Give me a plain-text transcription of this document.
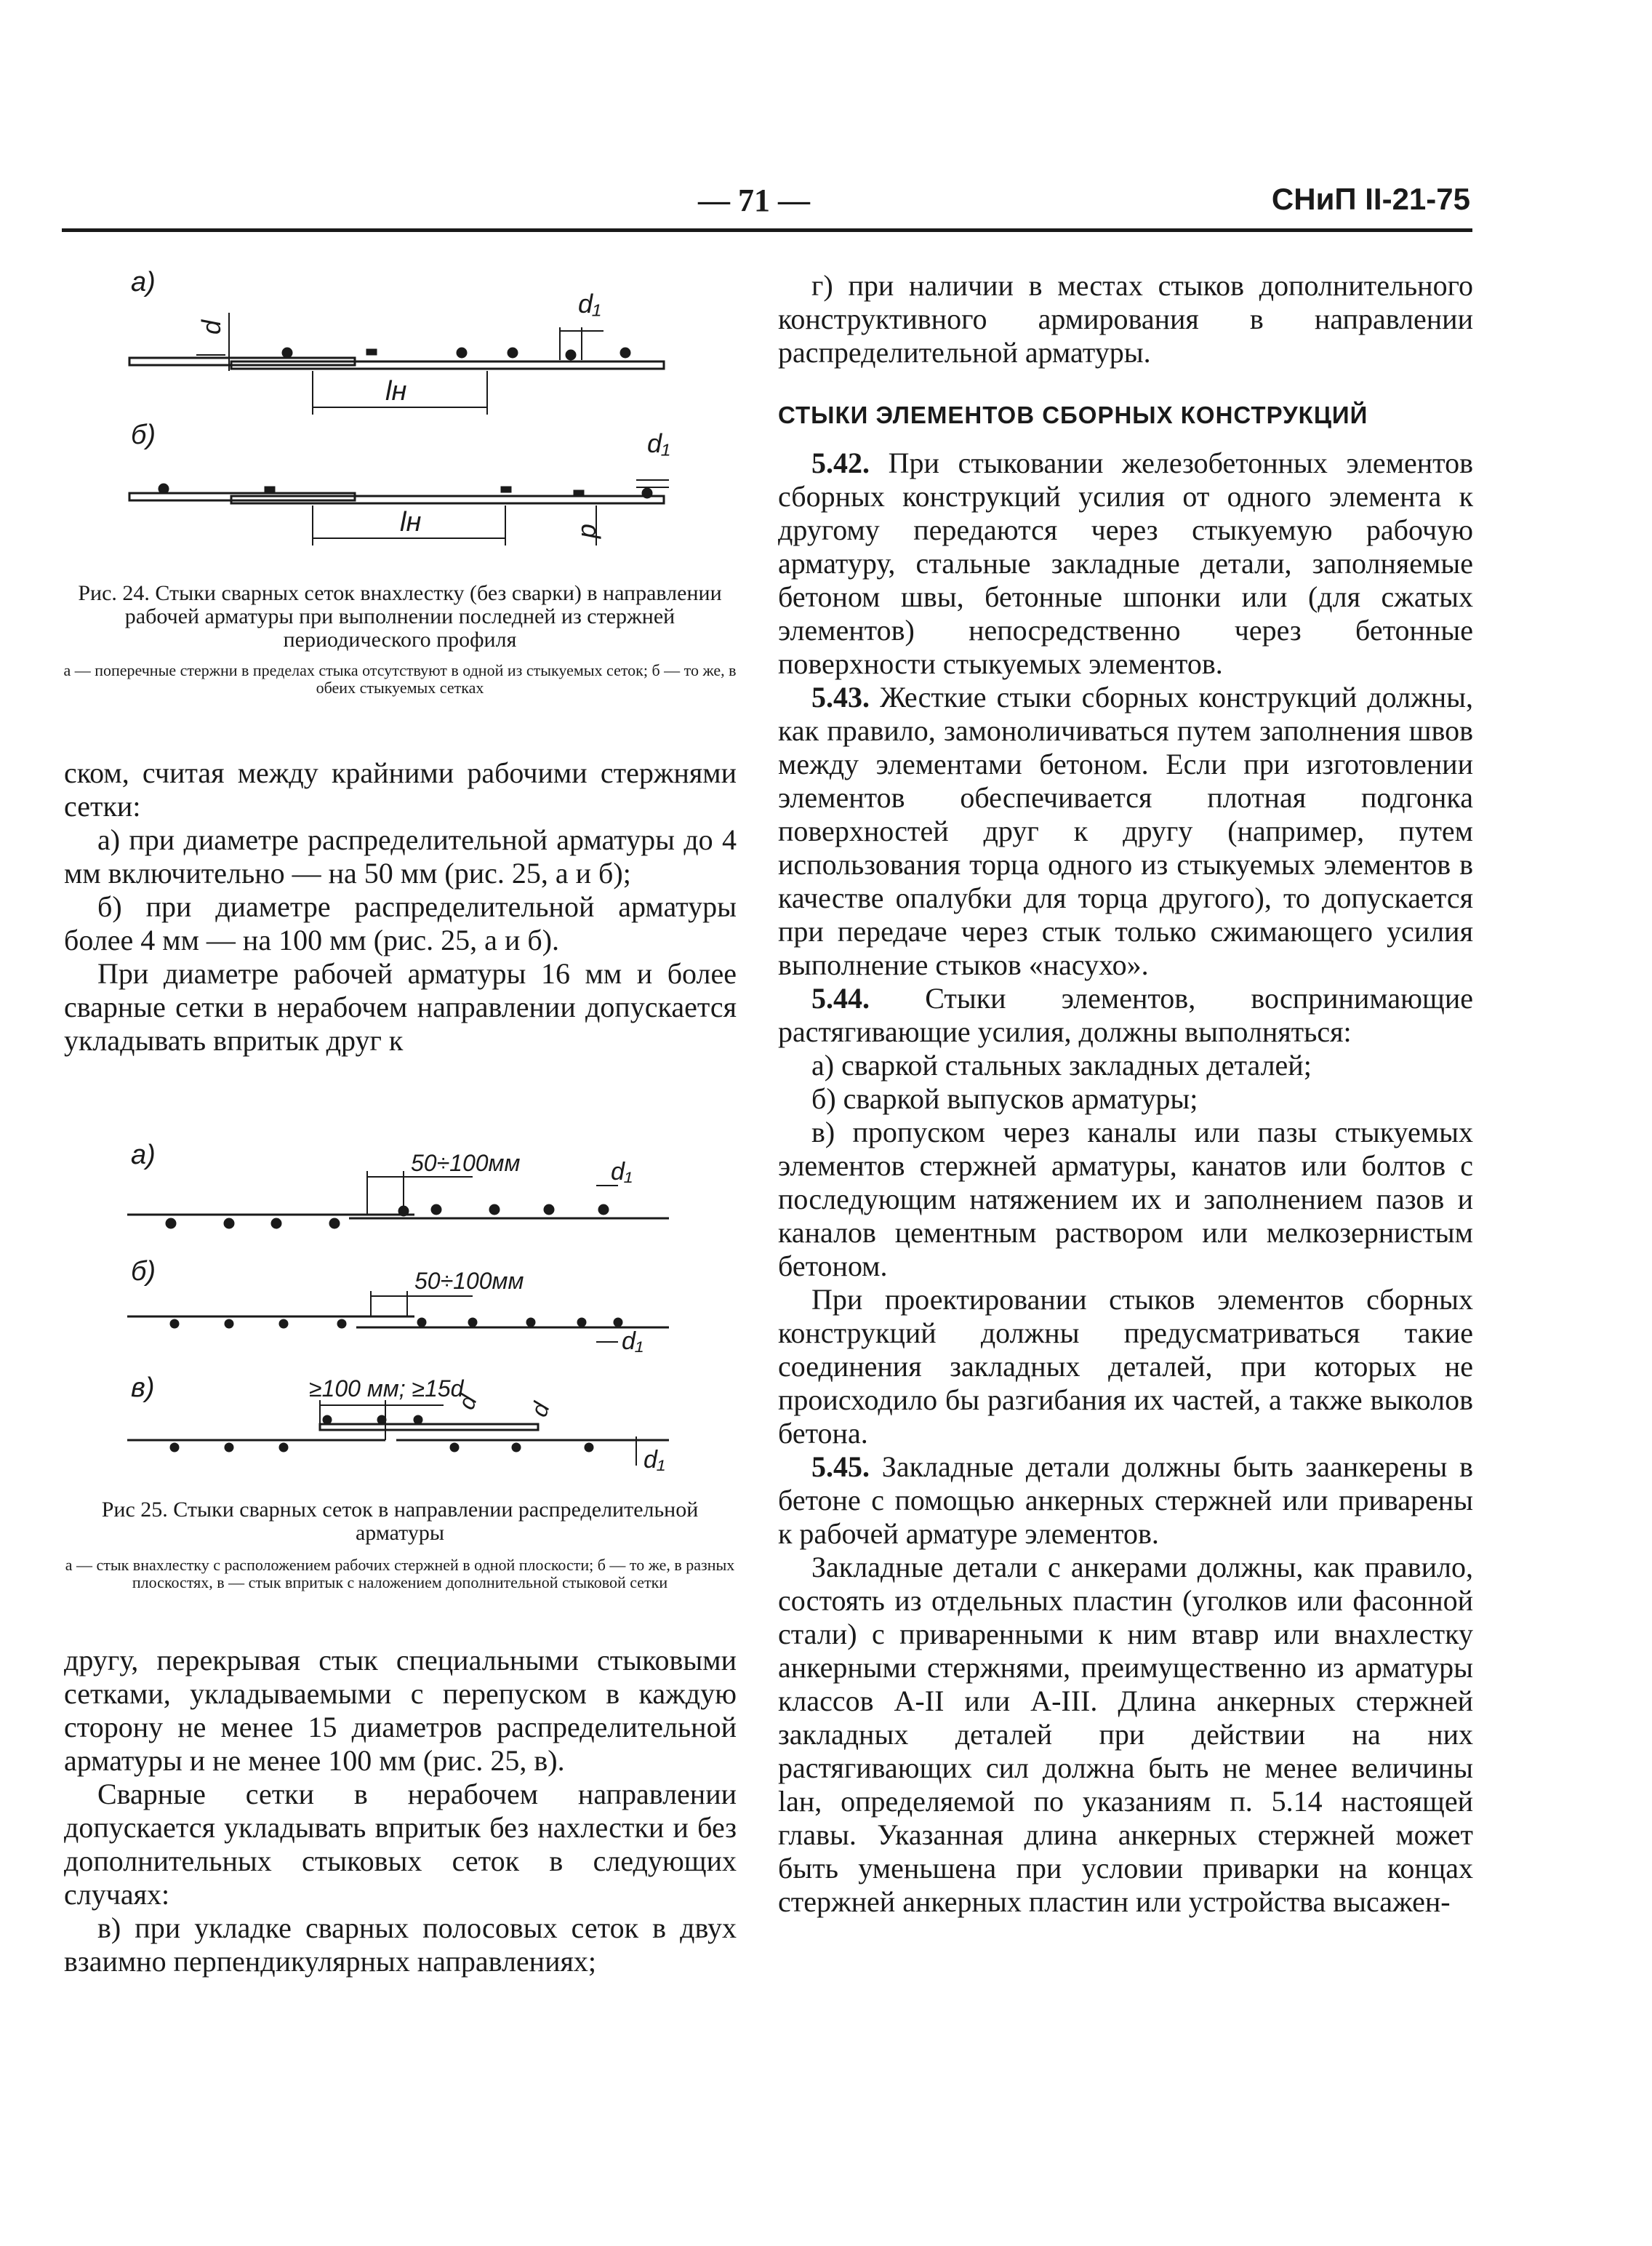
— 71 —	СНиП II-21-75
а)
d
d₁
lн
б)
lн
d₁
d
Рис. 24. Стыки сварных сеток внахлестку (без сварки) в направлении рабочей арматуры при выполнении последней из стержней периодического профиля
а — поперечные стержни в пределах стыка отсутствуют в одной из стыкуемых сеток; б — то же, в обеих стыкуемых сетках

ском, считая между крайними рабочими стержнями сетки:

а) при диаметре распределительной арматуры до 4 мм включительно — на 50 мм (рис. 25, а и б);

б) при диаметре распределительной арматуры более 4 мм — на 100 мм (рис. 25, а и б).

При диаметре рабочей арматуры 16 мм и более сварные сетки в нерабочем направлении допускается укладывать впритык друг к

а)	50÷100мм	d₁
б)	50÷100мм
d₁
в)	≥100 мм; ≥15d
d d
d₁
Рис 25. Стыки сварных сеток в направлении распределительной арматуры
а — стык внахлестку с расположением рабочих стержней в одной плоскости; б — то же, в разных плоскостях, в — стык впритык с наложением дополнительной стыковой сетки

другу, перекрывая стык специальными стыковыми сетками, укладываемыми с перепуском в каждую сторону не менее 15 диаметров распределительной арматуры и не менее 100 мм (рис. 25, в).

Сварные сетки в нерабочем направлении допускается укладывать впритык без нахлестки и без дополнительных стыковых сеток в следующих случаях:

в) при укладке сварных полосовых сеток в двух взаимно перпендикулярных направлениях;

г) при наличии в местах стыков дополнительного конструктивного армирования в направлении распределительной арматуры.

СТЫКИ ЭЛЕМЕНТОВ СБОРНЫХ КОНСТРУКЦИЙ

5.42. При стыковании железобетонных элементов сборных конструкций усилия от одного элемента к другому передаются через стыкуемую рабочую арматуру, стальные закладные детали, заполняемые бетоном швы, бетонные шпонки или (для сжатых элементов) непосредственно через бетонные поверхности стыкуемых элементов.

5.43. Жесткие стыки сборных конструкций должны, как правило, замоноличиваться путем заполнения швов между элементами бетоном. Если при изготовлении элементов обеспечивается плотная подгонка поверхностей друг к другу (например, путем использования торца одного из стыкуемых элементов в качестве опалубки для торца другого), то допускается при передаче через стык только сжимающего усилия выполнение стыков «насухо».

5.44. Стыки элементов, воспринимающие растягивающие усилия, должны выполняться:

а) сваркой стальных закладных деталей;

б) сваркой выпусков арматуры;

в) пропуском через каналы или пазы стыкуемых элементов стержней арматуры, канатов или болтов с последующим натяжением их и заполнением пазов и каналов цементным раствором или мелкозернистым бетоном.

При проектировании стыков элементов сборных конструкций должны предусматриваться такие соединения закладных деталей, при которых не происходило бы разгибания их частей, а также выколов бетона.

5.45. Закладные детали должны быть заанкерены в бетоне с помощью анкерных стержней или приварены к рабочей арматуре элементов.

Закладные детали с анкерами должны, как правило, состоять из отдельных пластин (уголков или фасонной стали) с приваренными к ним втавр или внахлестку анкерными стержнями, преимущественно из арматуры классов А-II или А-III. Длина анкерных стержней закладных деталей при действии на них растягивающих сил должна быть не менее величины lан, определяемой по указаниям п. 5.14 настоящей главы. Указанная длина анкерных стержней может быть уменьшена при условии приварки на концах стержней анкерных пластин или устройства высажен-
